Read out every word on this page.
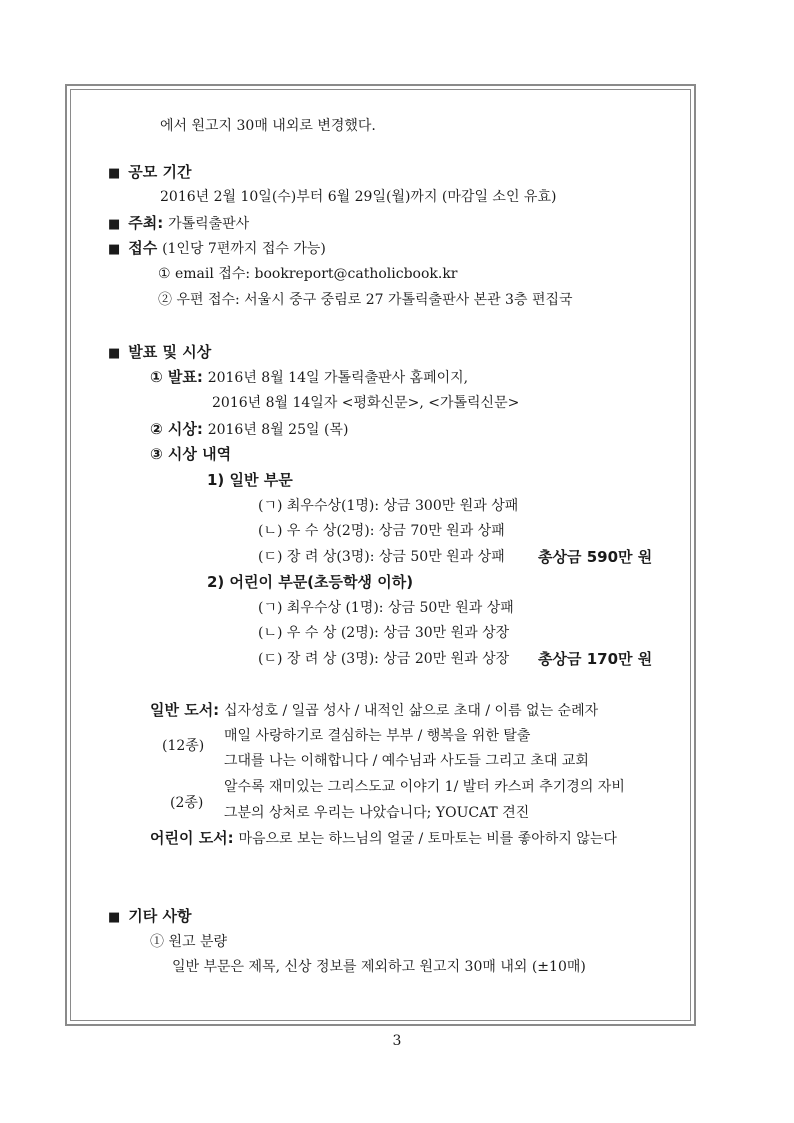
에서 원고지 30매 내외로 변경했다.
■ 공모 기간
2016년 2월 10일(수)부터 6월 29일(월)까지 (마감일 소인 유효)
■ 주최: 가톨릭출판사
■ 접수 (1인당 7편까지 접수 가능)
① email 접수: bookreport@catholicbook.kr
② 우편 접수: 서울시 중구 중림로 27 가톨릭출판사 본관 3층 편집국
■ 발표 및 시상
① 발표: 2016년 8월 14일 가톨릭출판사 홈페이지,
2016년 8월 14일자 <평화신문>, <가톨릭신문>
② 시상: 2016년 8월 25일 (목)
③ 시상 내역
1) 일반 부문
(ㄱ) 최우수상(1명): 상금 300만 원과 상패
(ㄴ) 우 수 상(2명): 상금 70만 원과 상패
(ㄷ) 장 려 상(3명): 상금 50만 원과 상패 총상금 590만 원
2) 어린이 부문(초등학생 이하)
(ㄱ) 최우수상 (1명): 상금 50만 원과 상패
(ㄴ) 우 수 상 (2명): 상금 30만 원과 상장
(ㄷ) 장 려 상 (3명): 상금 20만 원과 상장 총상금 170만 원
일반 도서: 십자성호 / 일곱 성사 / 내적인 삶으로 초대 / 이름 없는 순례자
(12종)
매일 사랑하기로 결심하는 부부 / 행복을 위한 탈출
그대를 나는 이해합니다 / 예수님과 사도들 그리고 초대 교회
(2종)
알수록 재미있는 그리스도교 이야기 1/ 발터 카스퍼 추기경의 자비
그분의 상처로 우리는 나았습니다; YOUCAT 견진
어린이 도서: 마음으로 보는 하느님의 얼굴 / 토마토는 비를 좋아하지 않는다
■ 기타 사항
① 원고 분량
일반 부문은 제목, 신상 정보를 제외하고 원고지 30매 내외 (±10매)
3
